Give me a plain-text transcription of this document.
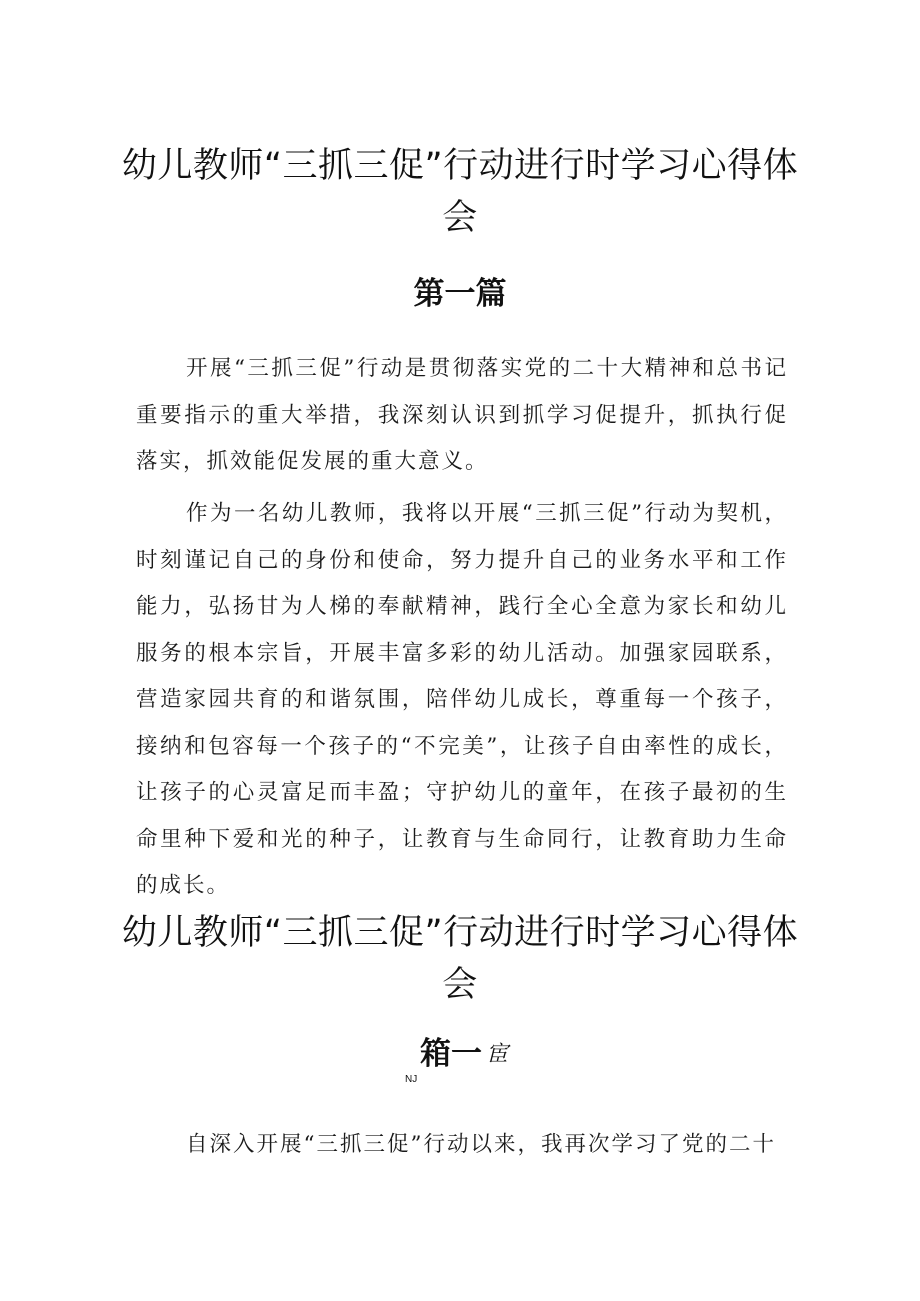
幼儿教师“三抓三促”行动进行时学习心得体
会
第一篇

开展“三抓三促”行动是贯彻落实党的二十大精神和总书记重要指示的重大举措，我深刻认识到抓学习促提升，抓执行促落实，抓效能促发展的重大意义。

作为一名幼儿教师，我将以开展“三抓三促”行动为契机，时刻谨记自己的身份和使命，努力提升自己的业务水平和工作能力，弘扬甘为人梯的奉献精神，践行全心全意为家长和幼儿服务的根本宗旨，开展丰富多彩的幼儿活动。加强家园联系，营造家园共育的和谐氛围，陪伴幼儿成长，尊重每一个孩子，接纳和包容每一个孩子的“不完美”，让孩子自由率性的成长，让孩子的心灵富足而丰盈；守护幼儿的童年，在孩子最初的生命里种下爱和光的种子，让教育与生命同行，让教育助力生命的成长。

幼儿教师“三抓三促”行动进行时学习心得体
会
箱一 宦
NJ

自深入开展“三抓三促”行动以来，我再次学习了党的二十
